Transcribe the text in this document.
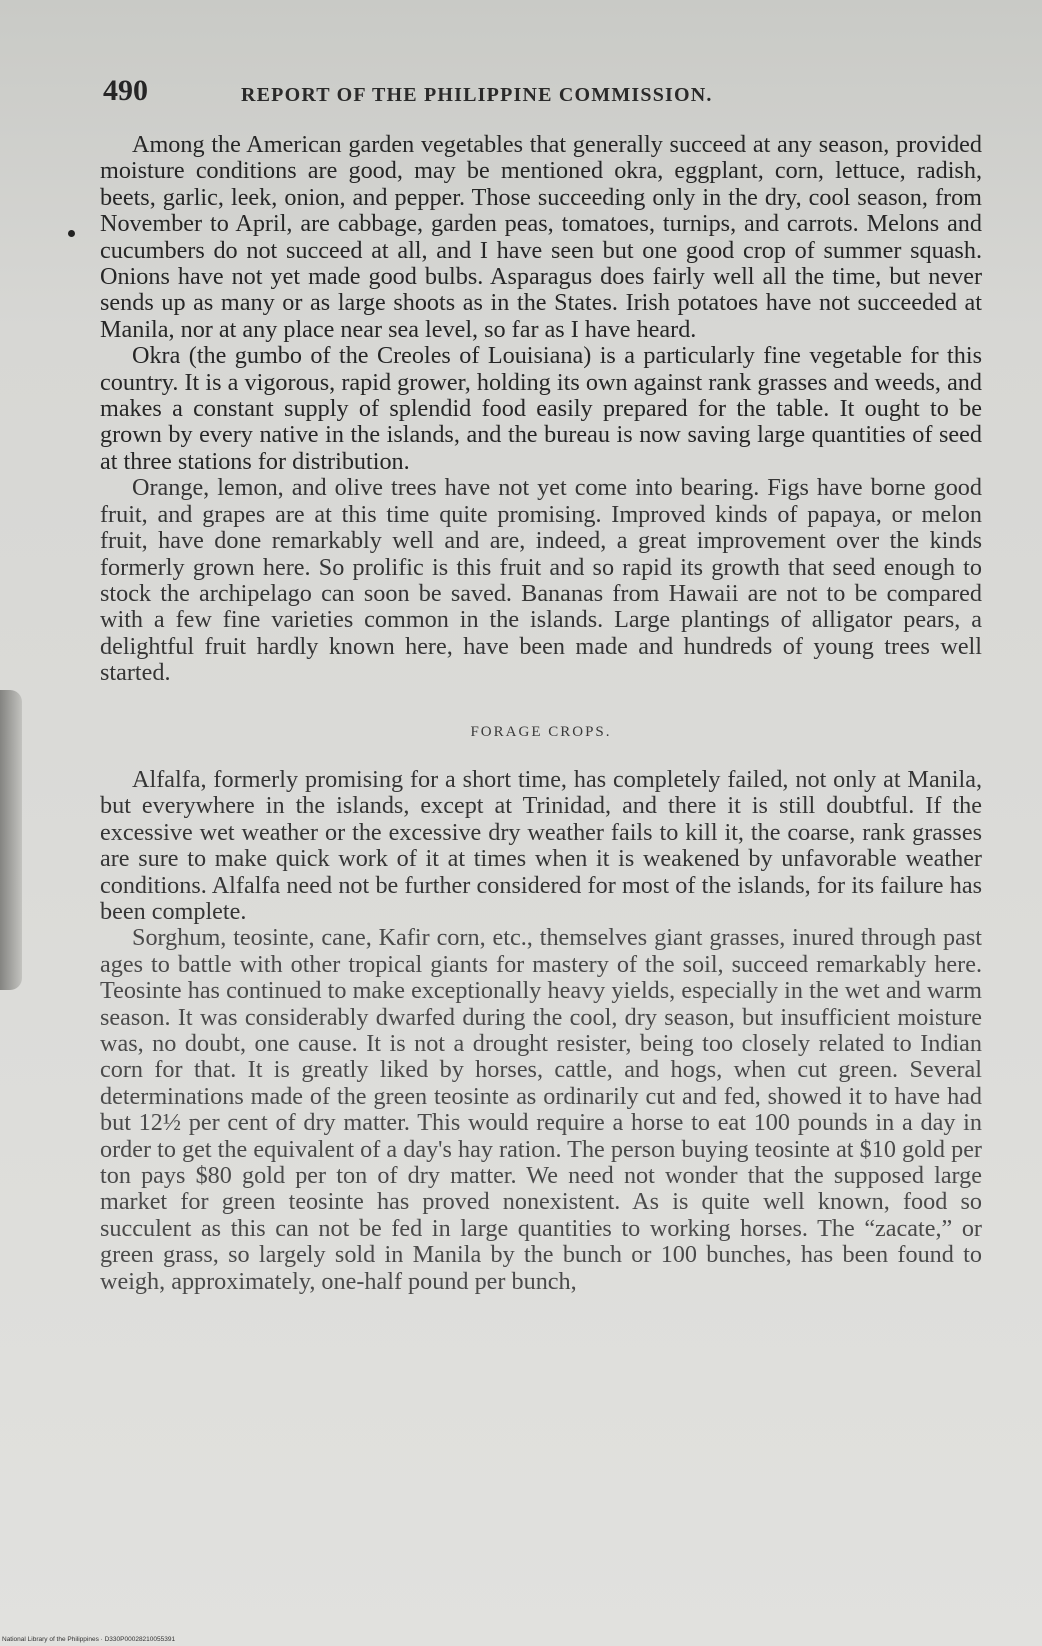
490	REPORT OF THE PHILIPPINE COMMISSION.

Among the American garden vegetables that generally succeed at any season, provided moisture conditions are good, may be mentioned okra, eggplant, corn, lettuce, radish, beets, garlic, leek, onion, and pepper. Those succeeding only in the dry, cool season, from November to April, are cabbage, garden peas, tomatoes, turnips, and carrots. Melons and cucumbers do not succeed at all, and I have seen but one good crop of summer squash. Onions have not yet made good bulbs. Asparagus does fairly well all the time, but never sends up as many or as large shoots as in the States. Irish potatoes have not succeeded at Manila, nor at any place near sea level, so far as I have heard.

Okra (the gumbo of the Creoles of Louisiana) is a particularly fine vegetable for this country. It is a vigorous, rapid grower, holding its own against rank grasses and weeds, and makes a constant supply of splendid food easily prepared for the table. It ought to be grown by every native in the islands, and the bureau is now saving large quantities of seed at three stations for distribution.

Orange, lemon, and olive trees have not yet come into bearing. Figs have borne good fruit, and grapes are at this time quite promising. Improved kinds of papaya, or melon fruit, have done remarkably well and are, indeed, a great improvement over the kinds formerly grown here. So prolific is this fruit and so rapid its growth that seed enough to stock the archipelago can soon be saved. Bananas from Hawaii are not to be compared with a few fine varieties common in the islands. Large plantings of alligator pears, a delightful fruit hardly known here, have been made and hundreds of young trees well started.

FORAGE CROPS.

Alfalfa, formerly promising for a short time, has completely failed, not only at Manila, but everywhere in the islands, except at Trinidad, and there it is still doubtful. If the excessive wet weather or the excessive dry weather fails to kill it, the coarse, rank grasses are sure to make quick work of it at times when it is weakened by unfavorable weather conditions. Alfalfa need not be further considered for most of the islands, for its failure has been complete.

Sorghum, teosinte, cane, Kafir corn, etc., themselves giant grasses, inured through past ages to battle with other tropical giants for mastery of the soil, succeed remarkably here. Teosinte has continued to make exceptionally heavy yields, especially in the wet and warm season. It was considerably dwarfed during the cool, dry season, but insufficient moisture was, no doubt, one cause. It is not a drought resister, being too closely related to Indian corn for that. It is greatly liked by horses, cattle, and hogs, when cut green. Several determinations made of the green teosinte as ordinarily cut and fed, showed it to have had but 12½ per cent of dry matter. This would require a horse to eat 100 pounds in a day in order to get the equivalent of a day's hay ration. The person buying teosinte at $10 gold per ton pays $80 gold per ton of dry matter. We need not wonder that the supposed large market for green teosinte has proved nonexistent. As is quite well known, food so succulent as this can not be fed in large quantities to working horses. The “zacate,” or green grass, so largely sold in Manila by the bunch or 100 bunches, has been found to weigh, approximately, one-half pound per bunch,

National Library of the Philippines · D330P00028210055391
